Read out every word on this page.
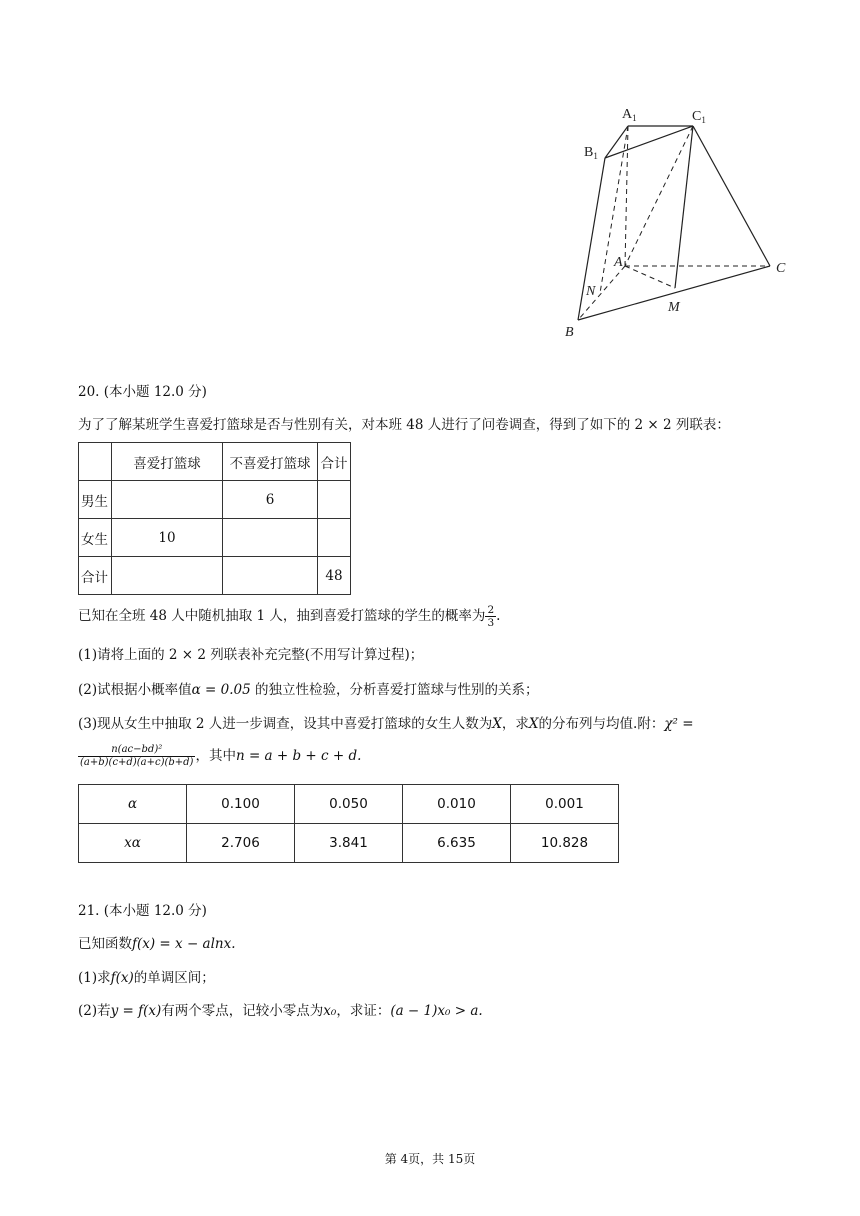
$A_1$
$B_1$
$C_1$
A
B
C
M
N
20. (本小题 12.0 分)
为了了解某班学生喜爱打篮球是否与性别有关，对本班 48 人进行了问卷调查，得到了如下的 2 × 2 列联表：
	喜爱打篮球	不喜爱打篮球	合计
男生		6	
女生	10		
合计			48
已知在全班 48 人中随机抽取 1 人，抽到喜爱打篮球的学生的概率为 $\frac{2}{3}$ .
(1)请将上面的 2 × 2 列联表补充完整(不用写计算过程)；
(2)试根据小概率值α = 0.05 的独立性检验，分析喜爱打篮球与性别的关系；
(3)现从女生中抽取 2 人进一步调查，设其中喜爱打篮球的女生人数为X，求X的分布列与均值.附：χ² =
$\frac{\text{n(ac−bd)²}}{(a+b)(c+d)(a+c)(b+d)}$ ，其中n = a + b + c + d.
α	0.100	0.050	0.010	0.001
xα	2.706	3.841	6.635	10.828
21. (本小题 12.0 分)
已知函数f(x) = x − alnx.
(1)求f(x)的单调区间；
(2)若y = f(x)有两个零点，记较小零点为x₀，求证：(a − 1)x₀ > a.
第 4页，共 15页
